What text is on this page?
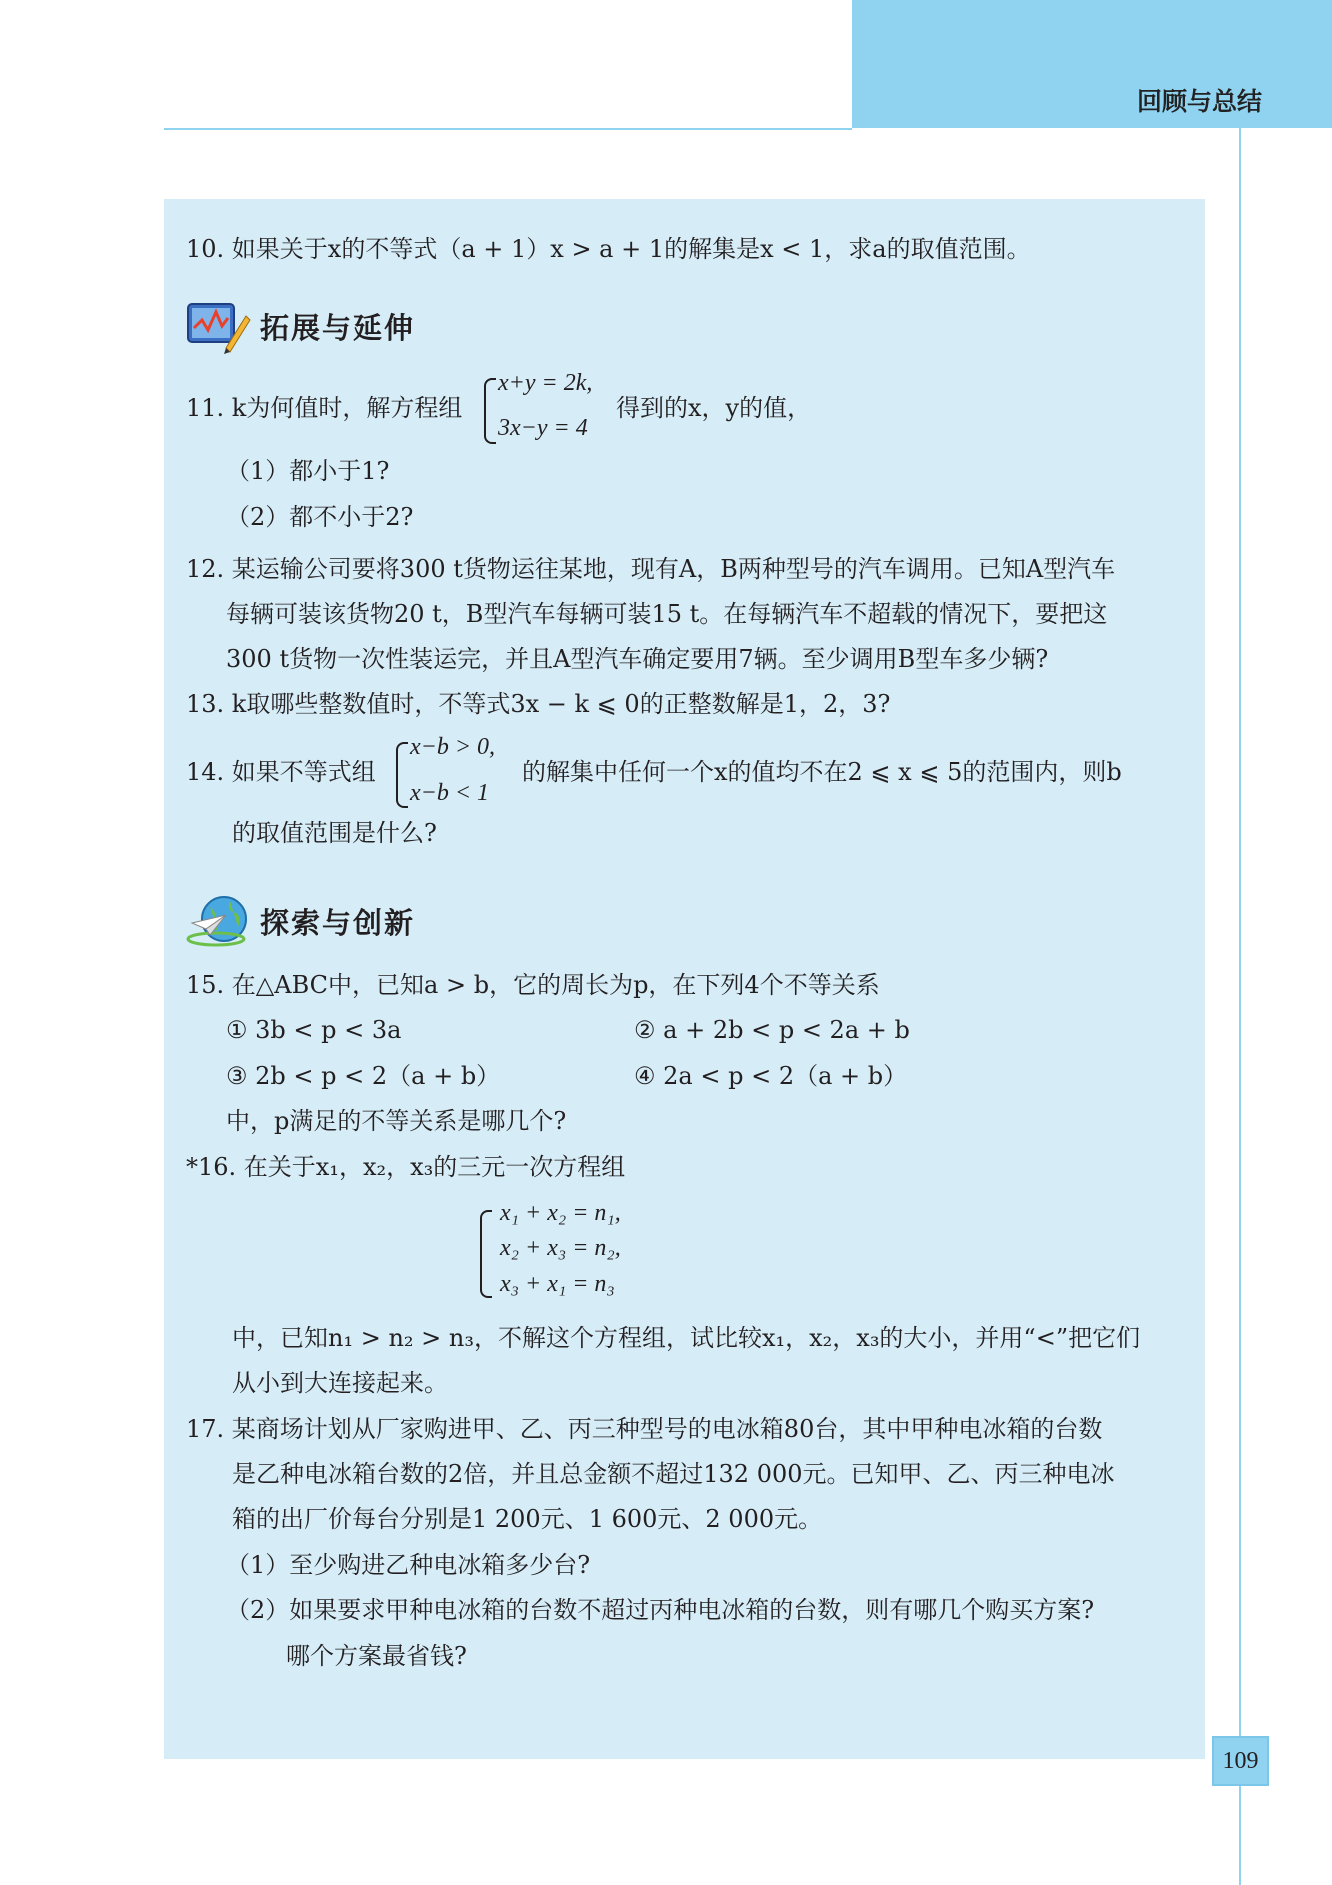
回顾与总结
10. 如果关于x的不等式（a + 1）x > a + 1的解集是x < 1，求a的取值范围。
拓展与延伸
11. k为何值时，解方程组
x+y = 2k,
3x−y = 4
得到的x，y的值，
（1）都小于1?
（2）都不小于2?
12. 某运输公司要将300 t货物运往某地，现有A，B两种型号的汽车调用。已知A型汽车
每辆可装该货物20 t，B型汽车每辆可装15 t。在每辆汽车不超载的情况下，要把这
300 t货物一次性装运完，并且A型汽车确定要用7辆。至少调用B型车多少辆?
13. k取哪些整数值时，不等式3x − k ⩽ 0的正整数解是1，2，3?
14. 如果不等式组
x−b > 0,
x−b < 1
的解集中任何一个x的值均不在2 ⩽ x ⩽ 5的范围内，则b
的取值范围是什么?
探索与创新
15. 在△ABC中，已知a > b，它的周长为p，在下列4个不等关系
① 3b < p < 3a	② a + 2b < p < 2a + b
③ 2b < p < 2（a + b）	④ 2a < p < 2（a + b）
中，p满足的不等关系是哪几个?
*16. 在关于x₁，x₂，x₃的三元一次方程组
x₁ + x₂ = n₁,
x₂ + x₃ = n₂,
x₃ + x₁ = n₃
中，已知n₁ > n₂ > n₃，不解这个方程组，试比较x₁，x₂，x₃的大小，并用“<”把它们
从小到大连接起来。
17. 某商场计划从厂家购进甲、乙、丙三种型号的电冰箱80台，其中甲种电冰箱的台数
是乙种电冰箱台数的2倍，并且总金额不超过132 000元。已知甲、乙、丙三种电冰
箱的出厂价每台分别是1 200元、1 600元、2 000元。
（1）至少购进乙种电冰箱多少台?
（2）如果要求甲种电冰箱的台数不超过丙种电冰箱的台数，则有哪几个购买方案?
哪个方案最省钱?
109
